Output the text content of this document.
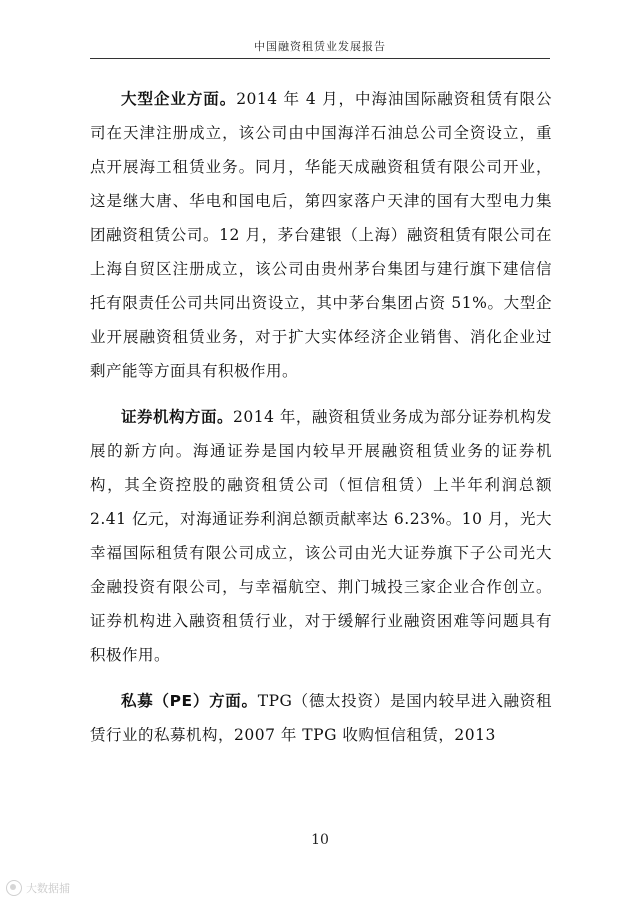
中国融资租赁业发展报告

大型企业方面。2014 年 4 月，中海油国际融资租赁有限公司在天津注册成立，该公司由中国海洋石油总公司全资设立，重点开展海工租赁业务。同月，华能天成融资租赁有限公司开业，这是继大唐、华电和国电后，第四家落户天津的国有大型电力集团融资租赁公司。12 月，茅台建银（上海）融资租赁有限公司在上海自贸区注册成立，该公司由贵州茅台集团与建行旗下建信信托有限责任公司共同出资设立，其中茅台集团占资 51%。大型企业开展融资租赁业务，对于扩大实体经济企业销售、消化企业过剩产能等方面具有积极作用。

证券机构方面。2014 年，融资租赁业务成为部分证券机构发展的新方向。海通证券是国内较早开展融资租赁业务的证券机构，其全资控股的融资租赁公司（恒信租赁）上半年利润总额 2.41 亿元，对海通证券利润总额贡献率达 6.23%。10 月，光大幸福国际租赁有限公司成立，该公司由光大证券旗下子公司光大金融投资有限公司，与幸福航空、荆门城投三家企业合作创立。证券机构进入融资租赁行业，对于缓解行业融资困难等问题具有积极作用。

私募（PE）方面。TPG（德太投资）是国内较早进入融资租赁行业的私募机构，2007 年 TPG 收购恒信租赁，2013

10
大数据捕
